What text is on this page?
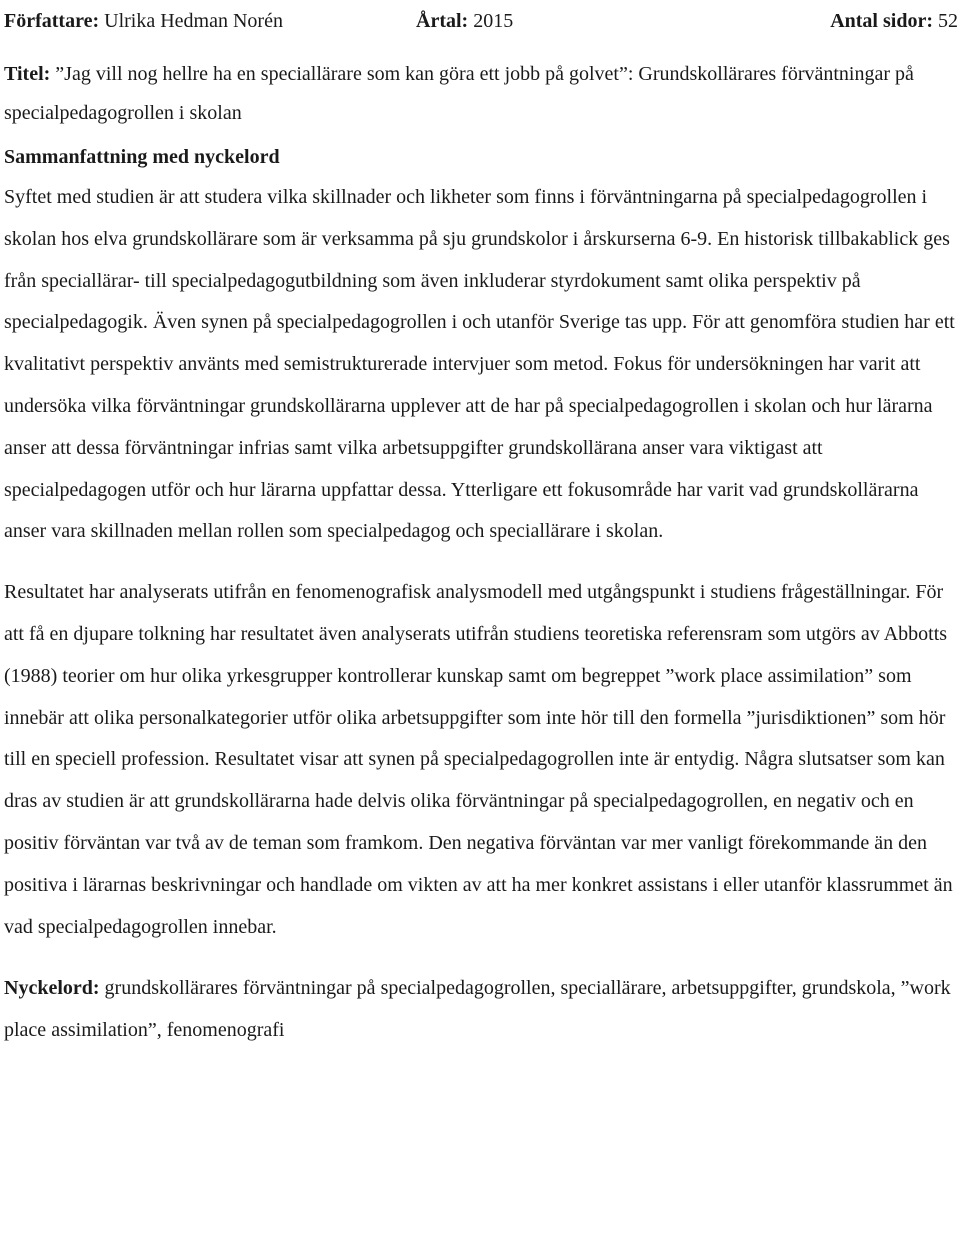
Författare: Ulrika Hedman Norén	Årtal: 2015	Antal sidor: 52
Titel: ”Jag vill nog hellre ha en speciallärare som kan göra ett jobb på golvet”: Grundskollärares förväntningar på specialpedagogrollen i skolan
Sammanfattning med nyckelord

Syftet med studien är att studera vilka skillnader och likheter som finns i förväntningarna på specialpedagogrollen i skolan hos elva grundskollärare som är verksamma på sju grundskolor i årskurserna 6-9. En historisk tillbakablick ges från speciallärar- till specialpedagogutbildning som även inkluderar styrdokument samt olika perspektiv på specialpedagogik. Även synen på specialpedagogrollen i och utanför Sverige tas upp. För att genomföra studien har ett kvalitativt perspektiv använts med semistrukturerade intervjuer som metod. Fokus för undersökningen har varit att undersöka vilka förväntningar grundskollärarna upplever att de har på specialpedagogrollen i skolan och hur lärarna anser att dessa förväntningar infrias samt vilka arbetsuppgifter grundskollärana anser vara viktigast att specialpedagogen utför och hur lärarna uppfattar dessa. Ytterligare ett fokusområde har varit vad grundskollärarna anser vara skillnaden mellan rollen som specialpedagog och speciallärare i skolan.

Resultatet har analyserats utifrån en fenomenografisk analysmodell med utgångspunkt i studiens frågeställningar. För att få en djupare tolkning har resultatet även analyserats utifrån studiens teoretiska referensram som utgörs av Abbotts (1988) teorier om hur olika yrkesgrupper kontrollerar kunskap samt om begreppet ”work place assimilation” som innebär att olika personalkategorier utför olika arbetsuppgifter som inte hör till den formella ”jurisdiktionen” som hör till en speciell profession. Resultatet visar att synen på specialpedagogrollen inte är entydig. Några slutsatser som kan dras av studien är att grundskollärarna hade delvis olika förväntningar på specialpedagogrollen, en negativ och en positiv förväntan var två av de teman som framkom. Den negativa förväntan var mer vanligt förekommande än den positiva i lärarnas beskrivningar och handlade om vikten av att ha mer konkret assistans i eller utanför klassrummet än vad specialpedagogrollen innebar.

Nyckelord: grundskollärares förväntningar på specialpedagogrollen, speciallärare, arbetsuppgifter, grundskola, ”work place assimilation”, fenomenografi
